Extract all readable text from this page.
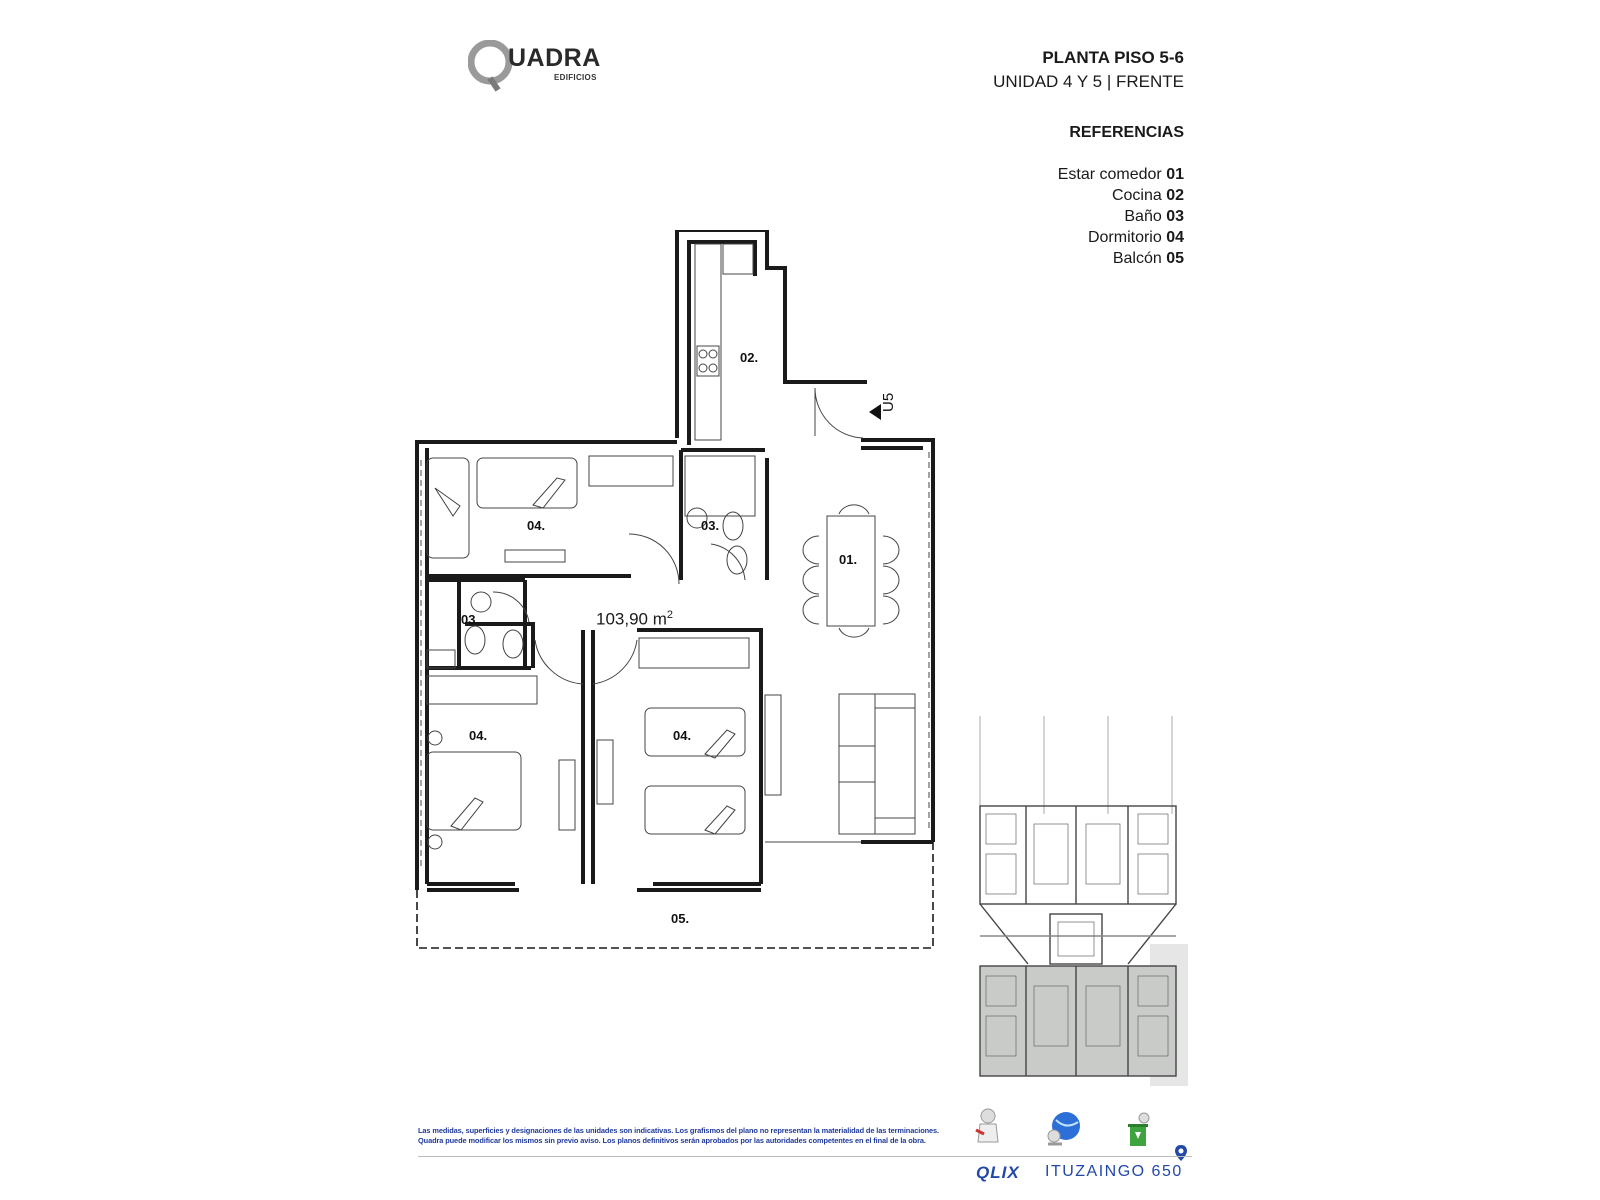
UADRA
EDIFICIOS
PLANTA PISO 5-6
UNIDAD 4 Y 5 | FRENTE
REFERENCIAS
Estar comedor 01
Cocina 02
Baño 03
Dormitorio 04
Balcón 05
U5
02.
01.
03.
03.
04.
04.	04.
05.
103,90 $m^2$
Las medidas, superficies y designaciones de las unidades son indicativas. Los grafismos del plano no representan la materialidad de las terminaciones.
Quadra puede modificar los mismos sin previo aviso. Los planos definitivos serán aprobados por las autoridades competentes en el final de la obra.
QLIX ITUZAINGO 650
